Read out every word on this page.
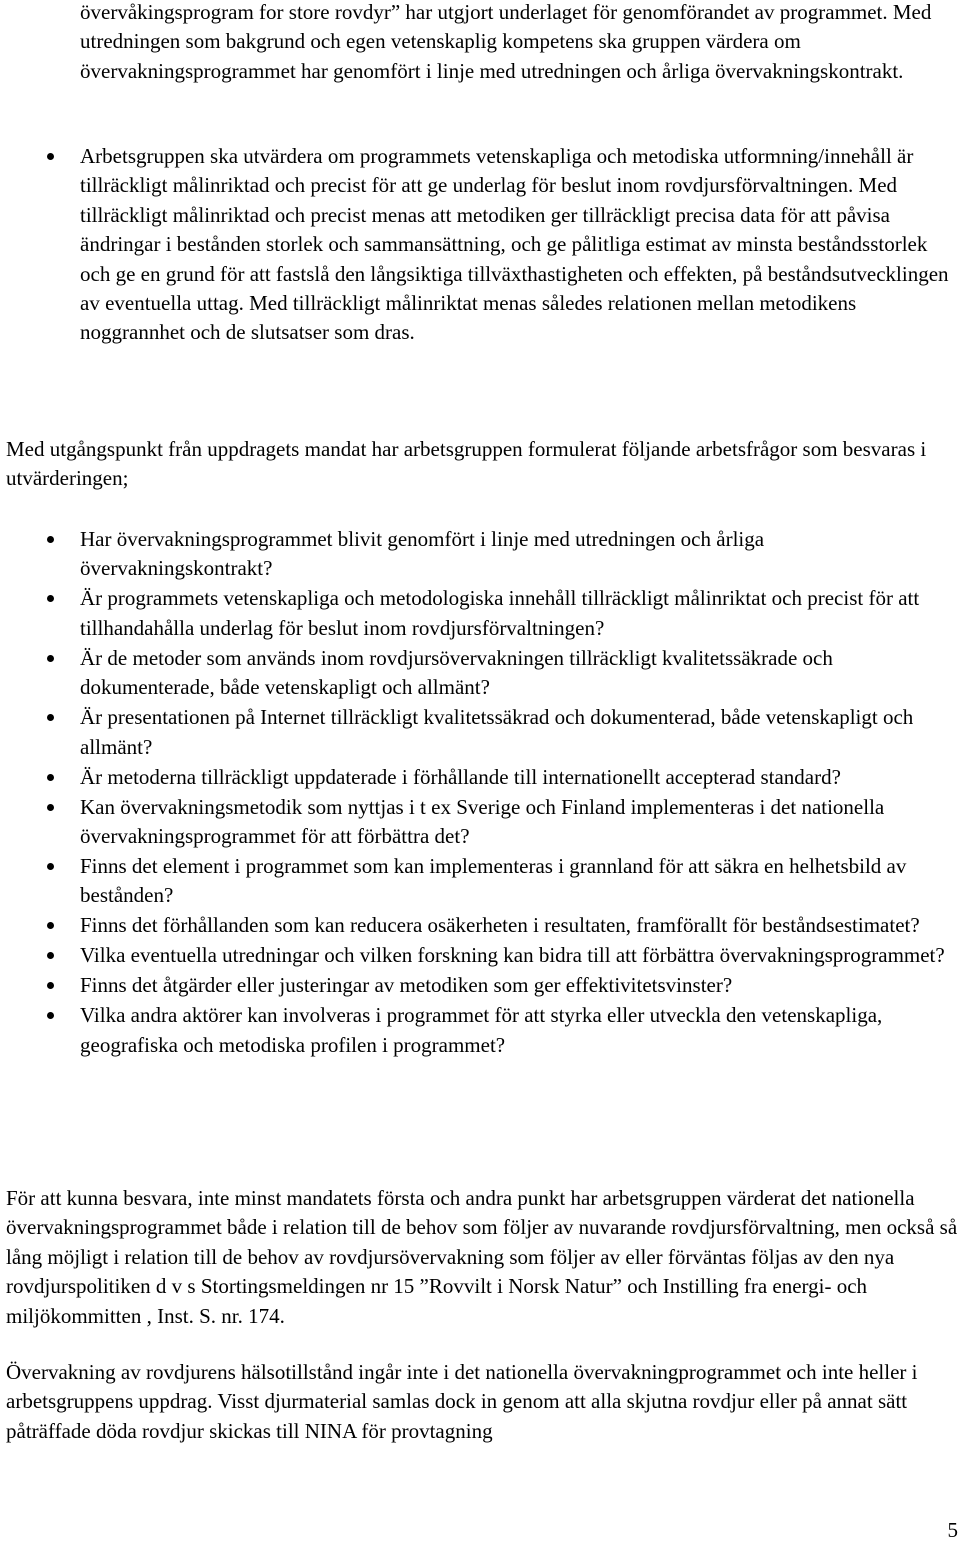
övervåkingsprogram for store rovdyr” har utgjort underlaget för genomförandet av programmet. Med utredningen som bakgrund och egen vetenskaplig kompetens ska gruppen värdera om övervakningsprogrammet har genomfört i linje med utredningen och årliga övervakningskontrakt.

Arbetsgruppen ska utvärdera om programmets vetenskapliga och metodiska utformning/innehåll är tillräckligt målinriktad och precist för att ge underlag för beslut inom rovdjursförvaltningen. Med tillräckligt målinriktad och precist menas att metodiken ger tillräckligt precisa data för att påvisa ändringar i bestånden storlek och sammansättning, och ge pålitliga estimat av minsta beståndsstorlek och ge en grund för att fastslå den långsiktiga tillväxthastigheten och effekten, på beståndsutvecklingen av eventuella uttag. Med tillräckligt målinriktat menas således relationen mellan metodikens noggrannhet och de slutsatser som dras.

Med utgångspunkt från uppdragets mandat har arbetsgruppen formulerat följande arbetsfrågor som besvaras i utvärderingen;

Har övervakningsprogrammet blivit genomfört i linje med utredningen och årliga övervakningskontrakt?
Är programmets vetenskapliga och metodologiska innehåll tillräckligt målinriktat och precist för att tillhandahålla underlag för beslut inom rovdjursförvaltningen?
Är de metoder som används inom rovdjursövervakningen tillräckligt kvalitetssäkrade och dokumenterade, både vetenskapligt och allmänt?
Är presentationen på Internet tillräckligt kvalitetssäkrad och dokumenterad, både vetenskapligt och allmänt?
Är metoderna tillräckligt uppdaterade i förhållande till internationellt accepterad standard?
Kan övervakningsmetodik som nyttjas i t ex Sverige och Finland implementeras i det nationella övervakningsprogrammet för att förbättra det?
Finns det element i programmet som kan implementeras i grannland för att säkra en helhetsbild av bestånden?
Finns det förhållanden som kan reducera osäkerheten i resultaten, framförallt för beståndsestimatet?
Vilka eventuella utredningar och vilken forskning kan bidra till att förbättra övervakningsprogrammet?
Finns det åtgärder eller justeringar av metodiken som ger effektivitetsvinster?
Vilka andra aktörer kan involveras i programmet för att styrka eller utveckla den vetenskapliga, geografiska och metodiska profilen i programmet?

För att kunna besvara, inte minst mandatets första och andra punkt har arbetsgruppen värderat det nationella övervakningsprogrammet både i relation till de behov som följer av nuvarande rovdjursförvaltning, men också så lång möjligt i relation till de behov av rovdjursövervakning som följer av eller förväntas följas av den nya rovdjurspolitiken d v s Stortingsmeldingen nr 15 ”Rovvilt i Norsk Natur” och Instilling fra energi- och miljökommitten , Inst. S. nr. 174.

Övervakning av rovdjurens hälsotillstånd ingår inte i det nationella övervakningprogrammet och inte heller i arbetsgruppens uppdrag. Visst djurmaterial samlas dock in genom att alla skjutna rovdjur eller på annat sätt påträffade döda rovdjur skickas till NINA för provtagning

5
